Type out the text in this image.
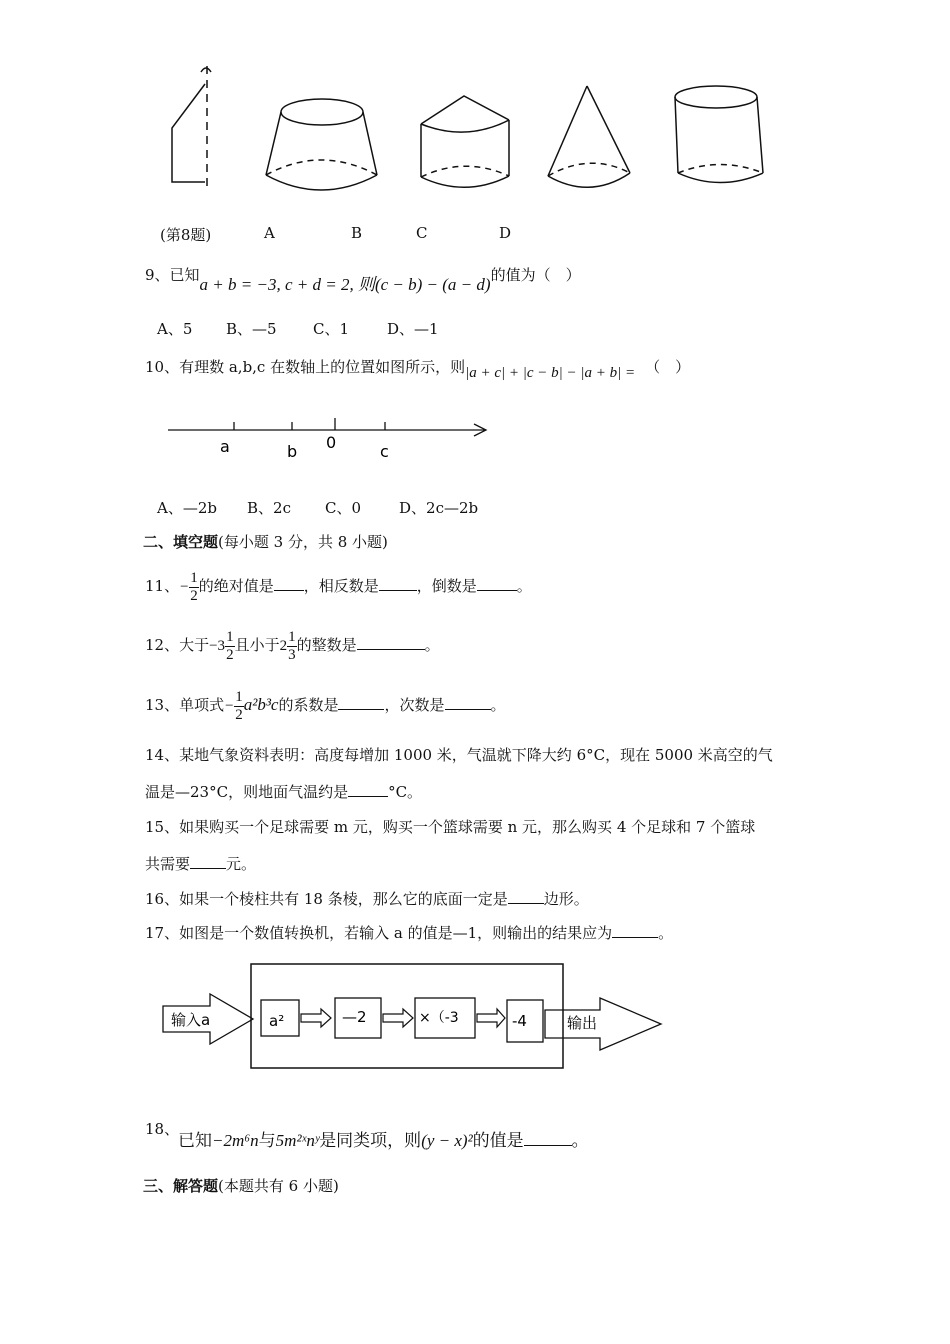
(第8题)	A	B	C	D
9、已知a + b = −3, c + d = 2, 则(c − b) − (a − d)的值为（　）
A、5 B、—5 C、1	D、—1
10、有理数 a,b,c 在数轴上的位置如图所示，则|a + c| + |c − b| − |a + b| = （　）
a	b 0	c
A、—2b B、2c C、0	D、2c—2b
二、填空题(每小题 3 分，共 8 小题)
11、− $\frac{1}{2}$ 的绝对值是 ，相反数是	，倒数是	。
12、大于$-3 \frac{1}{2}$ 且小于$2 \frac{1}{3}$ 的整数是	。
13、单项式− $\frac{1}{2} a^2b^3c$的系数是	，次数是	。
14、某地气象资料表明：高度每增加 1000 米，气温就下降大约 6°C，现在 5000 米高空的气
温是—23°C，则地面气温约是	°C。
15、如果购买一个足球需要 m 元，购买一个篮球需要 n 元，那么购买 4 个足球和 7 个篮球
共需要 元。
16、如果一个棱柱共有 18 条棱，那么它的底面一定是 边形。
17、如图是一个数值转换机，若输入 a 的值是—1，则输出的结果应为	。
输入a	a²	—2	×（-3	-4	输出
18、
已知−2m⁶n与5m²ˣnʸ是同类项，则(y − x)²的值是	。
三、解答题(本题共有 6 小题)
